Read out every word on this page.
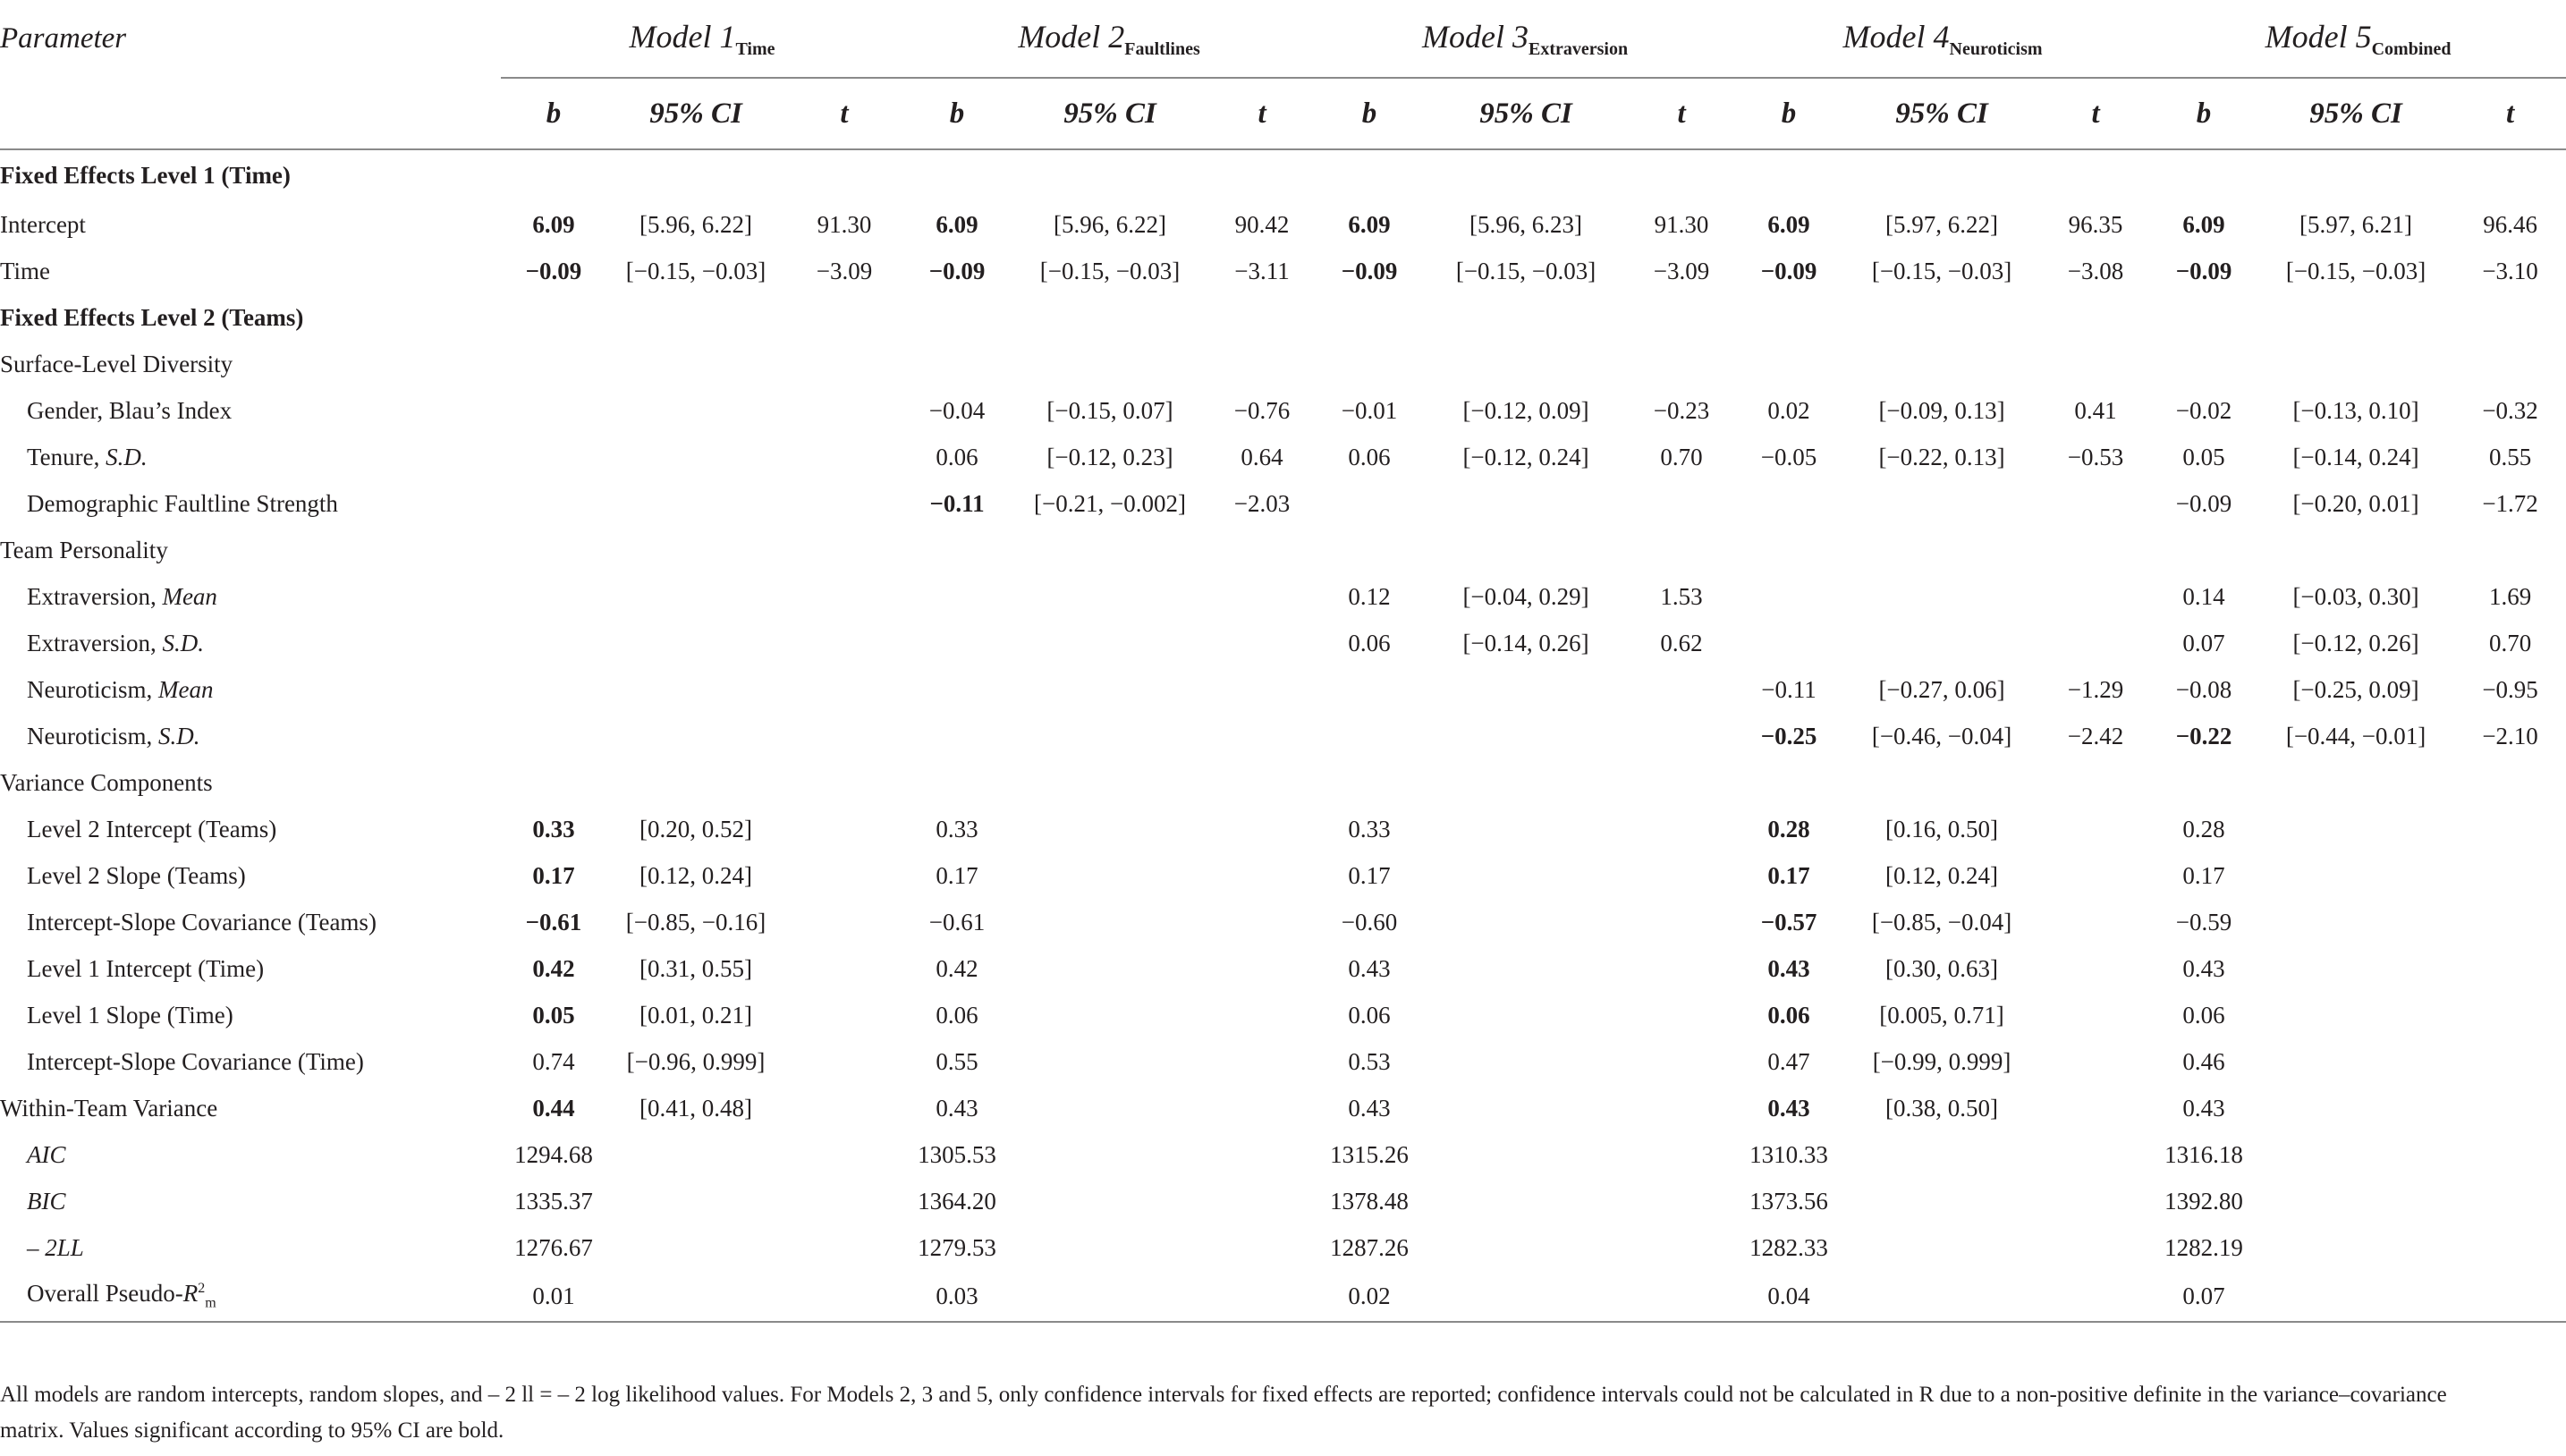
Parameter	Model $1_{Time}$			Model $2_{Faultlines}$			Model $3_{Extraversion}$			Model $4_{Neuroticism}$			Model $5_{Combined}$
	b	95% CI	t	b	95% CI	t	b	95% CI	t	b	95% CI	t	b	95% CI	t
Fixed Effects Level 1 (Time)															
Intercept	6.09	[5.96, 6.22]	91.30	6.09	[5.96, 6.22]	90.42	6.09	[5.96, 6.23]	91.30	6.09	[5.97, 6.22]	96.35	6.09	[5.97, 6.21]	96.46
Time	−0.09	[−0.15, −0.03]	−3.09	−0.09	[−0.15, −0.03]	−3.11	−0.09	[−0.15, −0.03]	−3.09	−0.09	[−0.15, −0.03]	−3.08	−0.09	[−0.15, −0.03]	−3.10
Fixed Effects Level 2 (Teams)															
Surface-Level Diversity															
Gender, Blau’s Index				−0.04	[−0.15, 0.07]	−0.76	−0.01	[−0.12, 0.09]	−0.23	0.02	[−0.09, 0.13]	0.41	−0.02	[−0.13, 0.10]	−0.32
Tenure, S.D.				0.06	[−0.12, 0.23]	0.64	0.06	[−0.12, 0.24]	0.70	−0.05	[−0.22, 0.13]	−0.53	0.05	[−0.14, 0.24]	0.55
Demographic Faultline Strength				−0.11	[−0.21, −0.002]	−2.03							−0.09	[−0.20, 0.01]	−1.72
Team Personality															
Extraversion, Mean							0.12	[−0.04, 0.29]	1.53				0.14	[−0.03, 0.30]	1.69
Extraversion, S.D.							0.06	[−0.14, 0.26]	0.62				0.07	[−0.12, 0.26]	0.70
Neuroticism, Mean										−0.11	[−0.27, 0.06]	−1.29	−0.08	[−0.25, 0.09]	−0.95
Neuroticism, S.D.										−0.25	[−0.46, −0.04]	−2.42	−0.22	[−0.44, −0.01]	−2.10
Variance Components															
Level 2 Intercept (Teams)	0.33	[0.20, 0.52]		0.33			0.33			0.28	[0.16, 0.50]		0.28		
Level 2 Slope (Teams)	0.17	[0.12, 0.24]		0.17			0.17			0.17	[0.12, 0.24]		0.17		
Intercept-Slope Covariance (Teams)	−0.61	[−0.85, −0.16]		−0.61			−0.60			−0.57	[−0.85, −0.04]		−0.59		
Level 1 Intercept (Time)	0.42	[0.31, 0.55]		0.42			0.43			0.43	[0.30, 0.63]		0.43		
Level 1 Slope (Time)	0.05	[0.01, 0.21]		0.06			0.06			0.06	[0.005, 0.71]		0.06		
Intercept-Slope Covariance (Time)	0.74	[−0.96, 0.999]		0.55			0.53			0.47	[−0.99, 0.999]		0.46		
Within-Team Variance	0.44	[0.41, 0.48]		0.43			0.43			0.43	[0.38, 0.50]		0.43		
AIC	1294.68			1305.53			1315.26			1310.33			1316.18		
BIC	1335.37			1364.20			1378.48			1373.56			1392.80		
– 2LL	1276.67			1279.53			1287.26			1282.33			1282.19		
Overall Pseudo-$R^2_m$	0.01			0.03			0.02			0.04			0.07		
All models are random intercepts, random slopes, and – 2 ll = – 2 log likelihood values. For Models 2, 3 and 5, only confidence intervals for fixed effects are reported; confidence intervals could not be calculated in R due to a non-positive definite in the variance–covariance matrix. Values significant according to 95% CI are bold.
